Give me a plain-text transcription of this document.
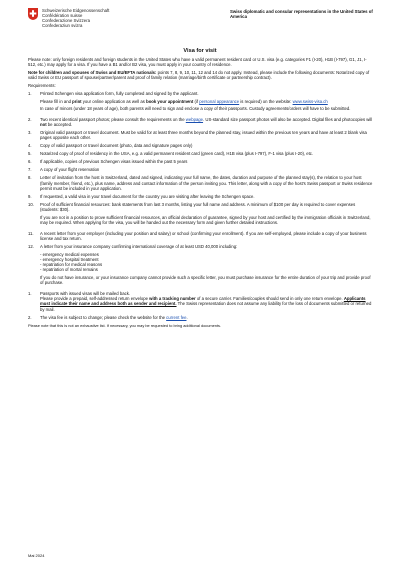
Schweizerische Eidgenossenschaft
Confédération suisse
Confederazione Svizzera
Confederaziun svizra
Swiss diplomatic and consular representations in the United States of America
Visa for visit

Please note: only foreign residents and foreign students in the United States who have a valid permanent resident card or U.S. visa (e.g. categories F1 (I-20), H1B (I-797), G1, J1, I-512, etc.) may apply for a visa. If you have a B1 and/or B2 visa, you must apply in your country of residence.

Note for children and spouses of Swiss and EU/EFTA nationals: points 7, 8, 9, 10, 11, 12 and 14 do not apply. Instead, please include the following documents: Notarized copy of valid Swiss or EU passport of spouse/partner/parent and proof of family relation (marriage/birth certificate or partnership contract).

Requirements:

1.	Printed Schengen visa application form, fully completed and signed by the applicant.

Please fill in and print your online application as well as book your appointment (if personal appearance is required) on the website: www.swiss-visa.ch

In case of minors (under 18 years of age), both parents will need to sign and enclose a copy of their passports. Custody agreements/orders will have to be submitted.

2.	Two recent identical passport photos; please consult the requirements on the webpage. US-standard size passport photos will also be accepted. Digital files and photocopies will not be accepted.
3.	Original valid passport or travel document. Must be valid for at least three months beyond the planned stay, issued within the previous ten years and have at least 2 blank visa pages opposite each other.
4.	Copy of valid passport or travel document (photo, data and signature pages only)
5.	Notarized copy of proof of residency in the USA, e.g. a valid permanent resident card (green card), H1B visa (plus I-797), F-1 visa (plus I-20), etc.
6.	If applicable, copies of previous Schengen visas issued within the past 5 years
7.	A copy of your flight reservation
8.	Letter of invitation from the host in Switzerland, dated and signed, indicating your full name, the dates, duration and purpose of the planned stay(s), the relation to your host (family member, friend, etc.), plus name, address and contact information of the person inviting you. This letter, along with a copy of the host's Swiss passport or Swiss residence permit must be included in your application.
9.	If requested, a valid visa in your travel document for the country you are visiting after leaving the Schengen space.
10.	Proof of sufficient financial resources: bank statements from last 3 months, listing your full name and address. A minimum of $100 per day is required to cover expenses (students: $30).

If you are not in a position to prove sufficient financial resources, an official declaration of guarantee, signed by your host and certified by the immigration officials in Switzerland, may be required. When applying for the visa, you will be handed out the necessary form and given further detailed instructions.

11.	A recent letter from your employer (including your position and salary) or school (confirming your enrollment). If you are self-employed, please include a copy of your business license and tax return.
12.	A letter from your insurance company confirming international coverage of at least USD 40,000 including:

- emergency medical expenses
- emergency hospital treatment
- repatriation for medical reasons
- repatriation of mortal remains

If you do not have insurance, or your insurance company cannot provide such a specific letter, you must purchase insurance for the entire duration of your trip and provide proof of purchase.

1.	Passports with issued visas will be mailed back.
Please provide a prepaid, self-addressed return envelope with a tracking number of a secure carrier. Families/couples should send in only one return envelope. Applicants must indicate their name and address both as sender and recipient. The Swiss representation does not assume any liability for the loss of documents submitted or returned by mail.
2.	The visa fee is subject to change; please check the website for the current fee.

Please note that this is not an exhaustive list. If necessary, you may be requested to bring additional documents.

Mai 2024
